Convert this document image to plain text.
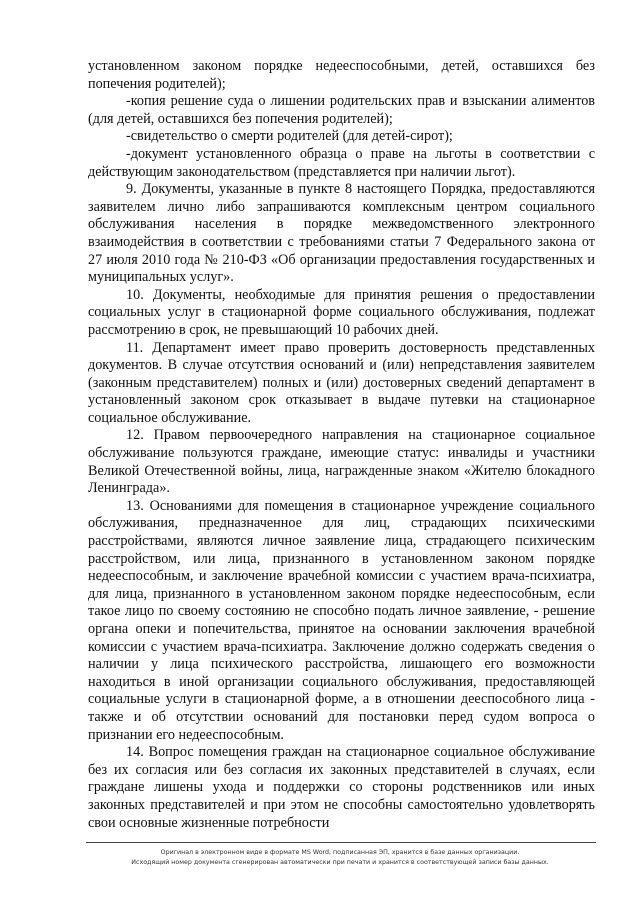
установленном законом порядке недееспособными, детей, оставшихся без попечения родителей);

-копия решение суда о лишении родительских прав и взыскании алиментов (для детей, оставшихся без попечения родителей);

-свидетельство о смерти родителей (для детей-сирот);

-документ установленного образца о праве на льготы в соответствии с действующим законодательством (представляется при наличии льгот).

9. Документы, указанные в пункте 8 настоящего Порядка, предоставляются заявителем лично либо запрашиваются комплексным центром социального обслуживания населения в порядке межведомственного электронного взаимодействия в соответствии с требованиями статьи 7 Федерального закона от 27 июля 2010 года № 210-ФЗ «Об организации предоставления государственных и муниципальных услуг».

10. Документы, необходимые для принятия решения о предоставлении социальных услуг в стационарной форме социального обслуживания, подлежат рассмотрению в срок, не превышающий 10 рабочих дней.

11. Департамент имеет право проверить достоверность представленных документов. В случае отсутствия оснований и (или) непредставления заявителем (законным представителем) полных и (или) достоверных сведений департамент в установленный законом срок отказывает в выдаче путевки на стационарное социальное обслуживание.

12. Правом первоочередного направления на стационарное социальное обслуживание пользуются граждане, имеющие статус: инвалиды и участники Великой Отечественной войны, лица, награжденные знаком «Жителю блокадного Ленинграда».

13. Основаниями для помещения в стационарное учреждение социального обслуживания, предназначенное для лиц, страдающих психическими расстройствами, являются личное заявление лица, страдающего психическим расстройством, или лица, признанного в установленном законом порядке недееспособным, и заключение врачебной комиссии с участием врача-психиатра, для лица, признанного в установленном законом порядке недееспособным, если такое лицо по своему состоянию не способно подать личное заявление, - решение органа опеки и попечительства, принятое на основании заключения врачебной комиссии с участием врача-психиатра. Заключение должно содержать сведения о наличии у лица психического расстройства, лишающего его возможности находиться в иной организации социального обслуживания, предоставляющей социальные услуги в стационарной форме, а в отношении дееспособного лица - также и об отсутствии оснований для постановки перед судом вопроса о признании его недееспособным.

14. Вопрос помещения граждан на стационарное социальное обслуживание без их согласия или без согласия их законных представителей в случаях, если граждане лишены ухода и поддержки со стороны родственников или иных законных представителей и при этом не способны самостоятельно удовлетворять свои основные жизненные потребности

Оригинал в электронном виде в формате MS Word, подписанная ЭП, хранится в базе данных организации.
Исходящий номер документа сгенерирован автоматически при печати и хранится в соответствующей записи базы данных.
